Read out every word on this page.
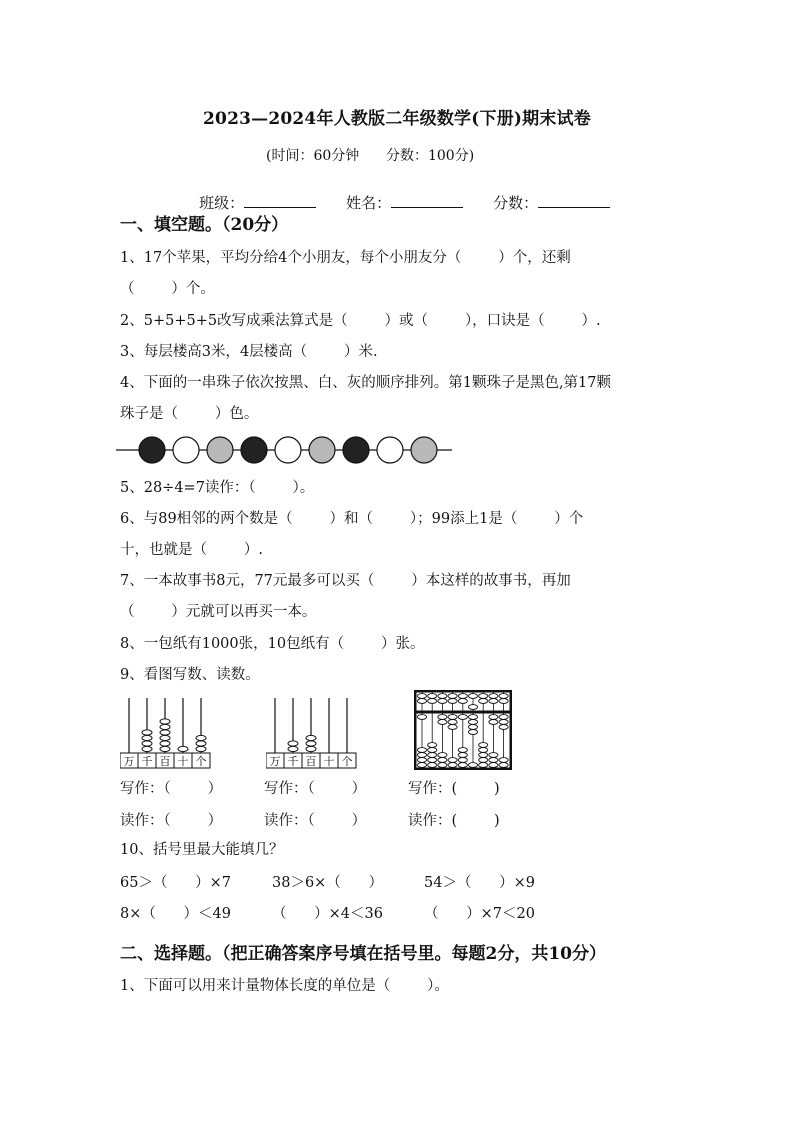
2023—2024年人教版二年级数学(下册)期末试卷
(时间：60分钟      分数：100分)

班级：	姓名：	分数：

一、填空题。（20分）
1、17个苹果，平均分给4个小朋友，每个小朋友分（        ）个，还剩
（        ）个。
2、5+5+5+5改写成乘法算式是（        ）或（        ），口诀是（        ）.
3、每层楼高3米，4层楼高（        ）米.
4、下面的一串珠子依次按黑、白、灰的顺序排列。第1颗珠子是黑色,第17颗
珠子是（        ）色。
5、28÷4=7读作：（        ）。
6、与89相邻的两个数是（        ）和（        ）；99添上1是（        ）个
十，也就是（        ）.
7、一本故事书8元，77元最多可以买（        ）本这样的故事书，再加
（        ）元就可以再买一本。
8、一包纸有1000张，10包纸有（        ）张。
9、看图写数、读数。
万 千 百 十 个	万 千 百 十 个
写作：（        ）	写作：（        ）	写作：(        )
读作：（        ）	读作：（        ）	读作：(        )
10、括号里最大能填几？
65＞（      ）×7	38＞6×（      ）	54＞（      ）×9
8×（      ）＜49	（      ）×4＜36	（      ）×7＜20
二、选择题。（把正确答案序号填在括号里。每题2分，共10分）
1、下面可以用来计量物体长度的单位是（        ）。
